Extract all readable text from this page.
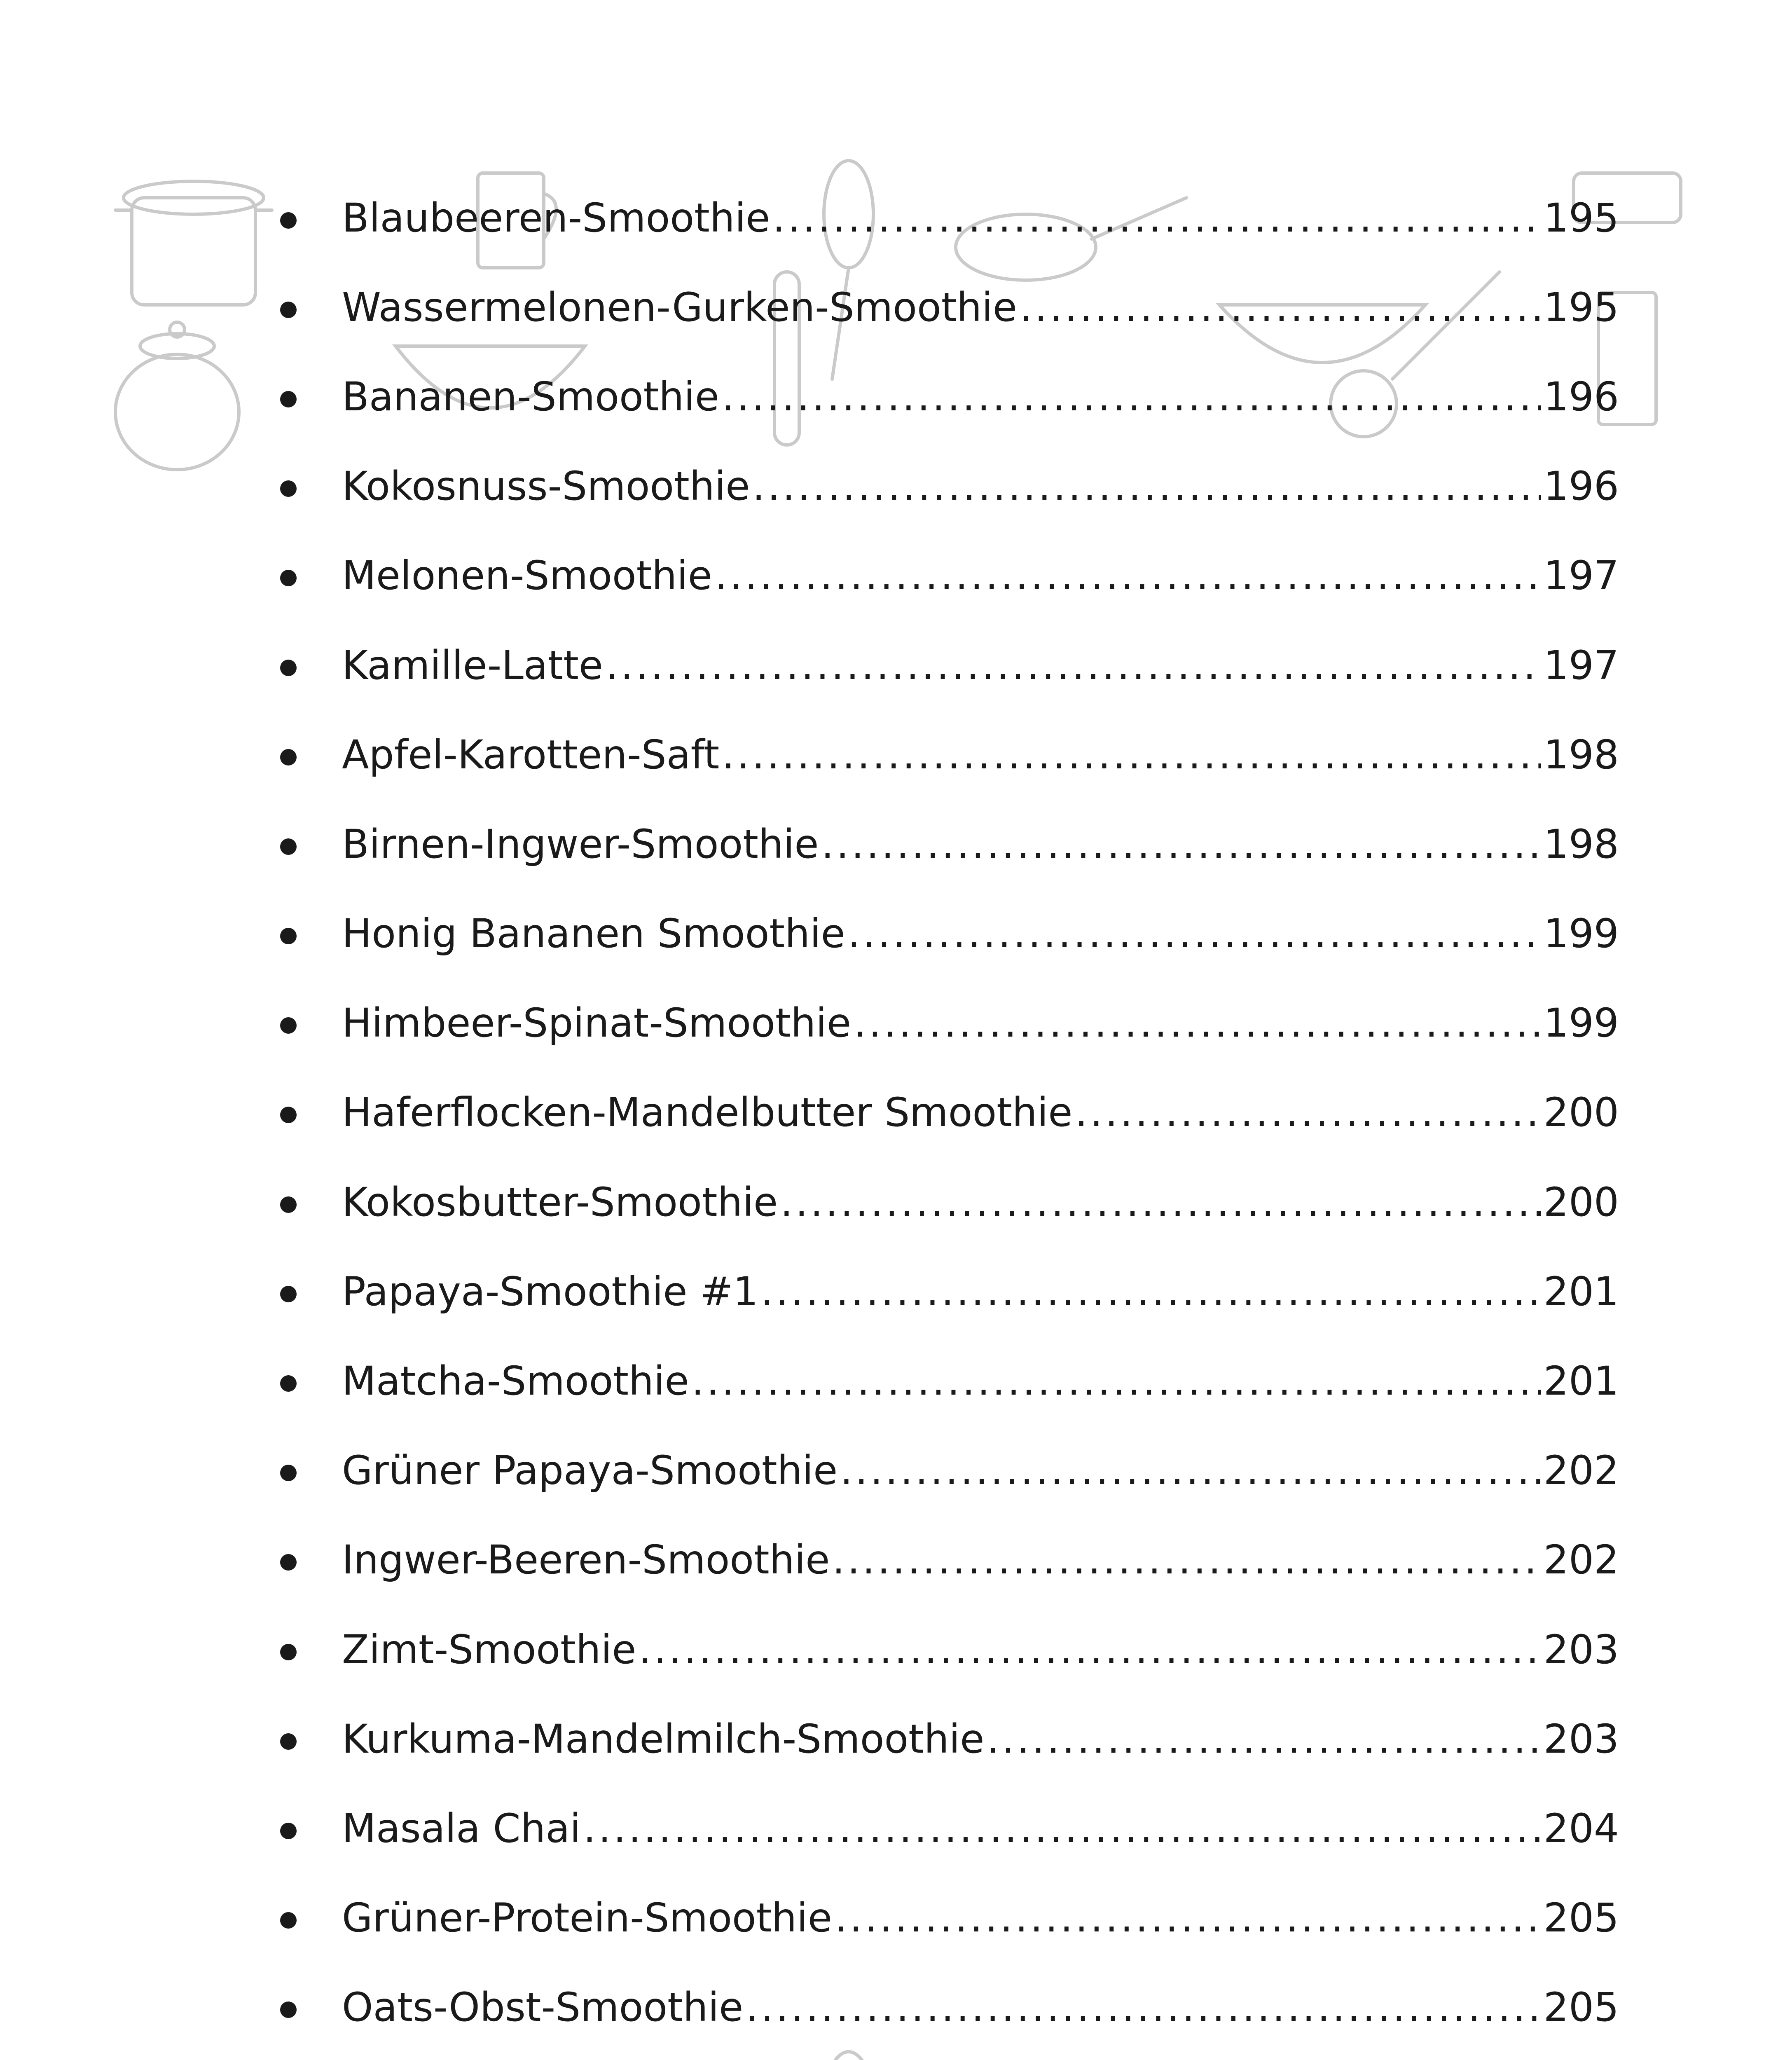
Blaubeeren-Smoothie .....	195
Wassermelonen-Gurken-Smoothie .....	195
Bananen-Smoothie .....	196
Kokosnuss-Smoothie .....	196
Melonen-Smoothie .....	197
Kamille-Latte .....	197
Apfel-Karotten-Saft .....	198
Birnen-Ingwer-Smoothie .....	198
Honig Bananen Smoothie .....	199
Himbeer-Spinat-Smoothie .....	199
Haferflocken-Mandelbutter Smoothie .....	200
Kokosbutter-Smoothie .....	200
Papaya-Smoothie #1 .....	201
Matcha-Smoothie .....	201
Grüner Papaya-Smoothie .....	202
Ingwer-Beeren-Smoothie .....	202
Zimt-Smoothie .....	203
Kurkuma-Mandelmilch-Smoothie .....	203
Masala Chai .....	204
Grüner-Protein-Smoothie .....	205
Oats-Obst-Smoothie .....	205
